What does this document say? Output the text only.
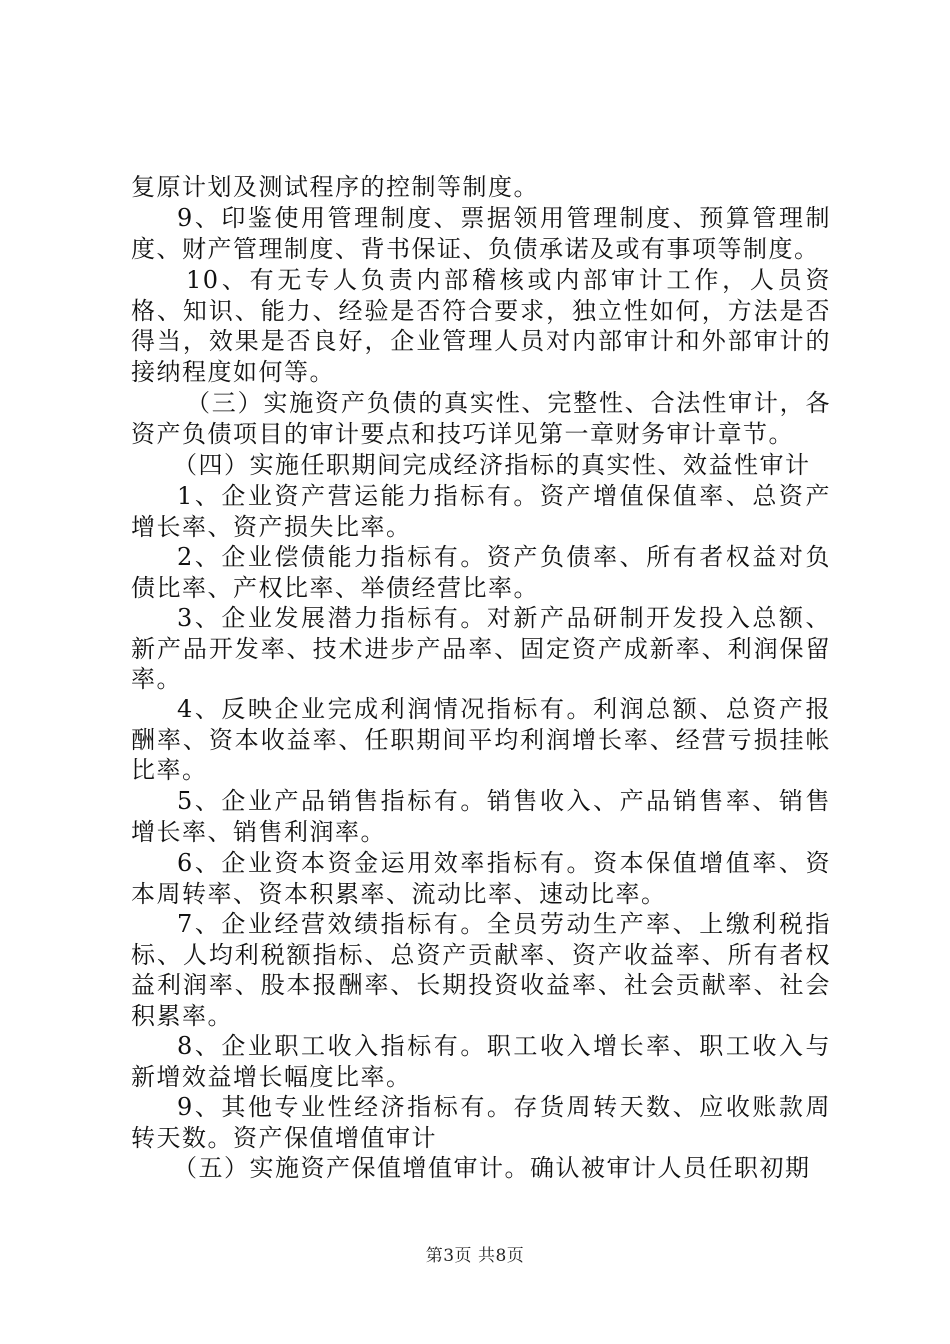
复原计划及测试程序的控制等制度。

9、印鉴使用管理制度、票据领用管理制度、预算管理制度、财产管理制度、背书保证、负债承诺及或有事项等制度。

10、有无专人负责内部稽核或内部审计工作，人员资格、知识、能力、经验是否符合要求，独立性如何，方法是否得当，效果是否良好，企业管理人员对内部审计和外部审计的接纳程度如何等。

（三）实施资产负债的真实性、完整性、合法性审计，各资产负债项目的审计要点和技巧详见第一章财务审计章节。

（四）实施任职期间完成经济指标的真实性、效益性审计

1、企业资产营运能力指标有。资产增值保值率、总资产增长率、资产损失比率。

2、企业偿债能力指标有。资产负债率、所有者权益对负债比率、产权比率、举债经营比率。

3、企业发展潜力指标有。对新产品研制开发投入总额、新产品开发率、技术进步产品率、固定资产成新率、利润保留率。

4、反映企业完成利润情况指标有。利润总额、总资产报酬率、资本收益率、任职期间平均利润增长率、经营亏损挂帐比率。

5、企业产品销售指标有。销售收入、产品销售率、销售增长率、销售利润率。

6、企业资本资金运用效率指标有。资本保值增值率、资本周转率、资本积累率、流动比率、速动比率。

7、企业经营效绩指标有。全员劳动生产率、上缴利税指标、人均利税额指标、总资产贡献率、资产收益率、所有者权益利润率、股本报酬率、长期投资收益率、社会贡献率、社会积累率。

8、企业职工收入指标有。职工收入增长率、职工收入与新增效益增长幅度比率。

9、其他专业性经济指标有。存货周转天数、应收账款周转天数。资产保值增值审计

（五）实施资产保值增值审计。确认被审计人员任职初期

第3页 共8页
